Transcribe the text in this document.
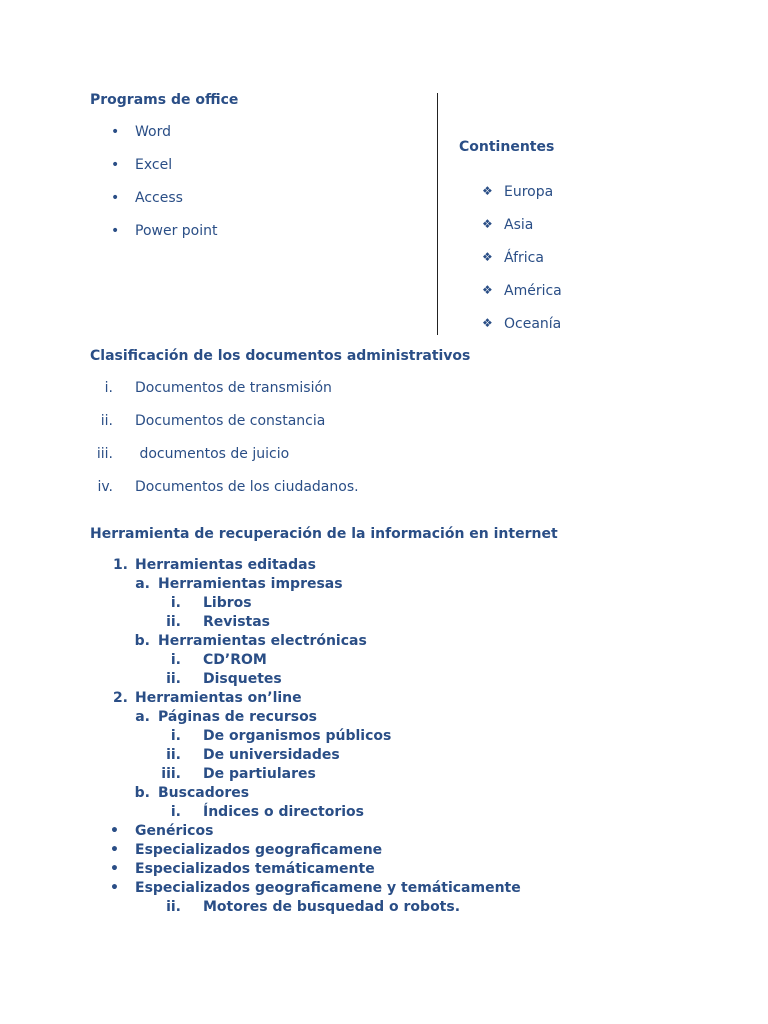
Programs de office
• Word
• Excel
• Access
• Power point
Continentes
❖ Europa
❖ Asia
❖ África
❖ América
❖ Oceanía
Clasificación de los documentos administrativos
i. Documentos de transmisión
ii. Documentos de constancia
iii. documentos de juicio
iv. Documentos de los ciudadanos.
Herramienta de recuperación de la información en internet
1. Herramientas editadas
a. Herramientas impresas
i. Libros
ii. Revistas
b. Herramientas electrónicas
i. CD’ROM
ii. Disquetes
2. Herramientas on’line
a. Páginas de recursos
i. De organismos públicos
ii. De universidades
iii. De partiulares
b. Buscadores
i. Índices o directorios
• Genéricos
• Especializados geograficamene
• Especializados temáticamente
• Especializados geograficamene y temáticamente
ii. Motores de busquedad o robots.
